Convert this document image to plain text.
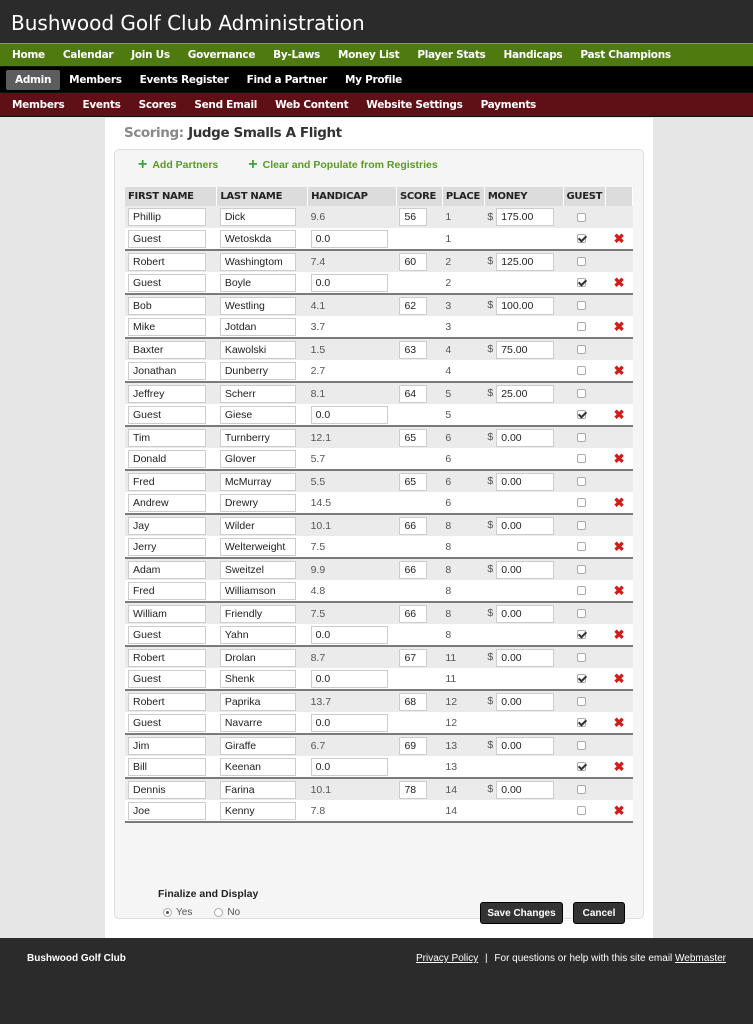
Bushwood Golf Club Administration
Home	Calendar	Join Us	Governance	By-Laws	Money List	Player Stats	Handicaps	Past Champions
Admin	Members	Events Register	Find a Partner	My Profile
Members	Events	Scores	Send Email	Web Content	Website Settings	Payments
Scoring: Judge Smalls A Flight
+ Add Partners + Clear and Populate from Registries
FIRST NAME	LAST NAME	HANDICAP	SCORE	PLACE	MONEY	GUEST	
Phillip	Dick	9.6	56	1	$ 175.00		
Guest	Wetoskda	0.0		1			✖
Robert	Washingtom	7.4	60	2	$ 125.00		
Guest	Boyle	0.0		2			✖
Bob	Westling	4.1	62	3	$ 100.00		
Mike	Jotdan	3.7		3			✖
Baxter	Kawolski	1.5	63	4	$ 75.00		
Jonathan	Dunberry	2.7		4			✖
Jeffrey	Scherr	8.1	64	5	$ 25.00		
Guest	Giese	0.0		5			✖
Tim	Turnberry	12.1	65	6	$ 0.00		
Donald	Glover	5.7		6			✖
Fred	McMurray	5.5	65	6	$ 0.00		
Andrew	Drewry	14.5		6			✖
Jay	Wilder	10.1	66	8	$ 0.00		
Jerry	Welterweight	7.5		8			✖
Adam	Sweitzel	9.9	66	8	$ 0.00		
Fred	Williamson	4.8		8			✖
William	Friendly	7.5	66	8	$ 0.00		
Guest	Yahn	0.0		8			✖
Robert	Drolan	8.7	67	11	$ 0.00		
Guest	Shenk	0.0		11			✖
Robert	Paprika	13.7	68	12	$ 0.00		
Guest	Navarre	0.0		12			✖
Jim	Giraffe	6.7	69	13	$ 0.00		
Bill	Keenan	0.0		13			✖
Dennis	Farina	10.1	78	14	$ 0.00		
Joe	Kenny	7.8		14			✖
Finalize and Display
Yes	No	Save Changes	Cancel
Bushwood Golf Club	Privacy Policy | For questions or help with this site email Webmaster
